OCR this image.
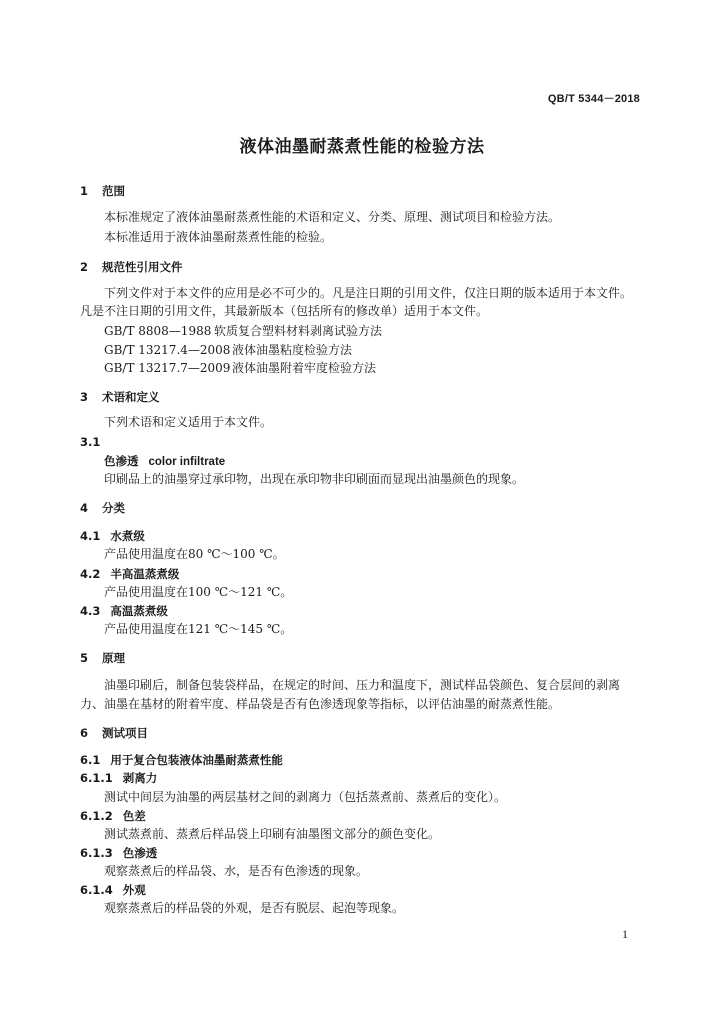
QB/T 5344－2018
液体油墨耐蒸煮性能的检验方法
1 范围
本标准规定了液体油墨耐蒸煮性能的术语和定义、分类、原理、测试项目和检验方法。
本标准适用于液体油墨耐蒸煮性能的检验。
2 规范性引用文件
下列文件对于本文件的应用是必不可少的。凡是注日期的引用文件，仅注日期的版本适用于本文件。
凡是不注日期的引用文件，其最新版本（包括所有的修改单）适用于本文件。
GB/T 8808—1988 软质复合塑料材料剥离试验方法
GB/T 13217.4—2008 液体油墨粘度检验方法
GB/T 13217.7—2009 液体油墨附着牢度检验方法
3 术语和定义
下列术语和定义适用于本文件。
3.1
色渗透 color infiltrate
印刷品上的油墨穿过承印物，出现在承印物非印刷面而显现出油墨颜色的现象。
4 分类
4.1 水煮级
产品使用温度在80 ℃～100 ℃。
4.2 半高温蒸煮级
产品使用温度在100 ℃～121 ℃。
4.3 高温蒸煮级
产品使用温度在121 ℃～145 ℃。
5 原理
油墨印刷后，制备包装袋样品，在规定的时间、压力和温度下，测试样品袋颜色、复合层间的剥离
力、油墨在基材的附着牢度、样品袋是否有色渗透现象等指标，以评估油墨的耐蒸煮性能。
6 测试项目
6.1 用于复合包装液体油墨耐蒸煮性能
6.1.1 剥离力
测试中间层为油墨的两层基材之间的剥离力（包括蒸煮前、蒸煮后的变化）。
6.1.2 色差
测试蒸煮前、蒸煮后样品袋上印刷有油墨图文部分的颜色变化。
6.1.3 色渗透
观察蒸煮后的样品袋、水，是否有色渗透的现象。
6.1.4 外观
观察蒸煮后的样品袋的外观，是否有脱层、起泡等现象。
1
